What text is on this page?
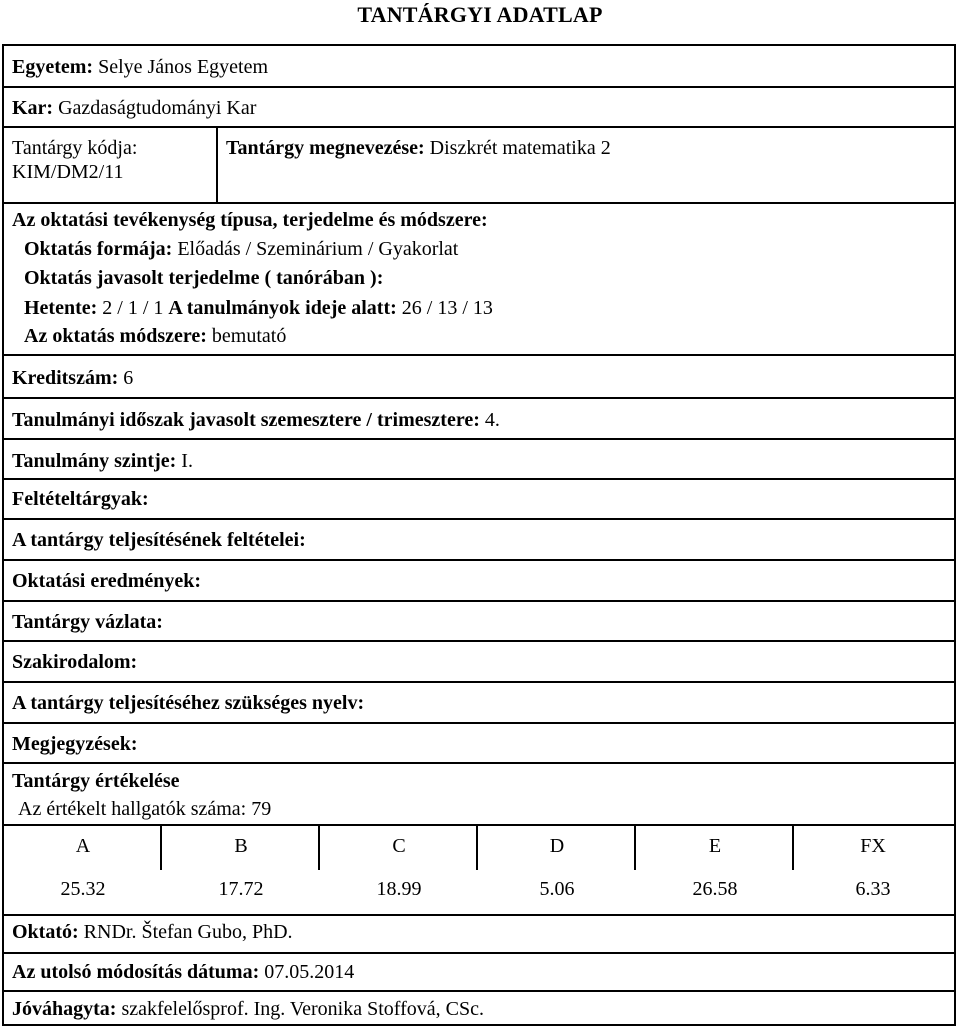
TANTÁRGYI ADATLAP
Egyetem: Selye János Egyetem
Kar: Gazdaságtudományi Kar
Tantárgy kódja:
KIM/DM2/11
Tantárgy megnevezése: Diszkrét matematika 2
Az oktatási tevékenység típusa, terjedelme és módszere:
Oktatás formája: Előadás / Szeminárium / Gyakorlat
Oktatás javasolt terjedelme ( tanórában ):
Hetente: 2 / 1 / 1 A tanulmányok ideje alatt: 26 / 13 / 13
Az oktatás módszere: bemutató
Kreditszám: 6
Tanulmányi időszak javasolt szemesztere / trimesztere: 4.
Tanulmány szintje: I.
Feltételtárgyak:
A tantárgy teljesítésének feltételei:
Oktatási eredmények:
Tantárgy vázlata:
Szakirodalom:
A tantárgy teljesítéséhez szükséges nyelv:
Megjegyzések:
Tantárgy értékelése
Az értékelt hallgatók száma: 79
A	B	C	D	E	FX
25.32	17.72	18.99	5.06	26.58	6.33
Oktató: RNDr. Štefan Gubo, PhD.
Az utolsó módosítás dátuma: 07.05.2014
Jóváhagyta: szakfelelősprof. Ing. Veronika Stoffová, CSc.
